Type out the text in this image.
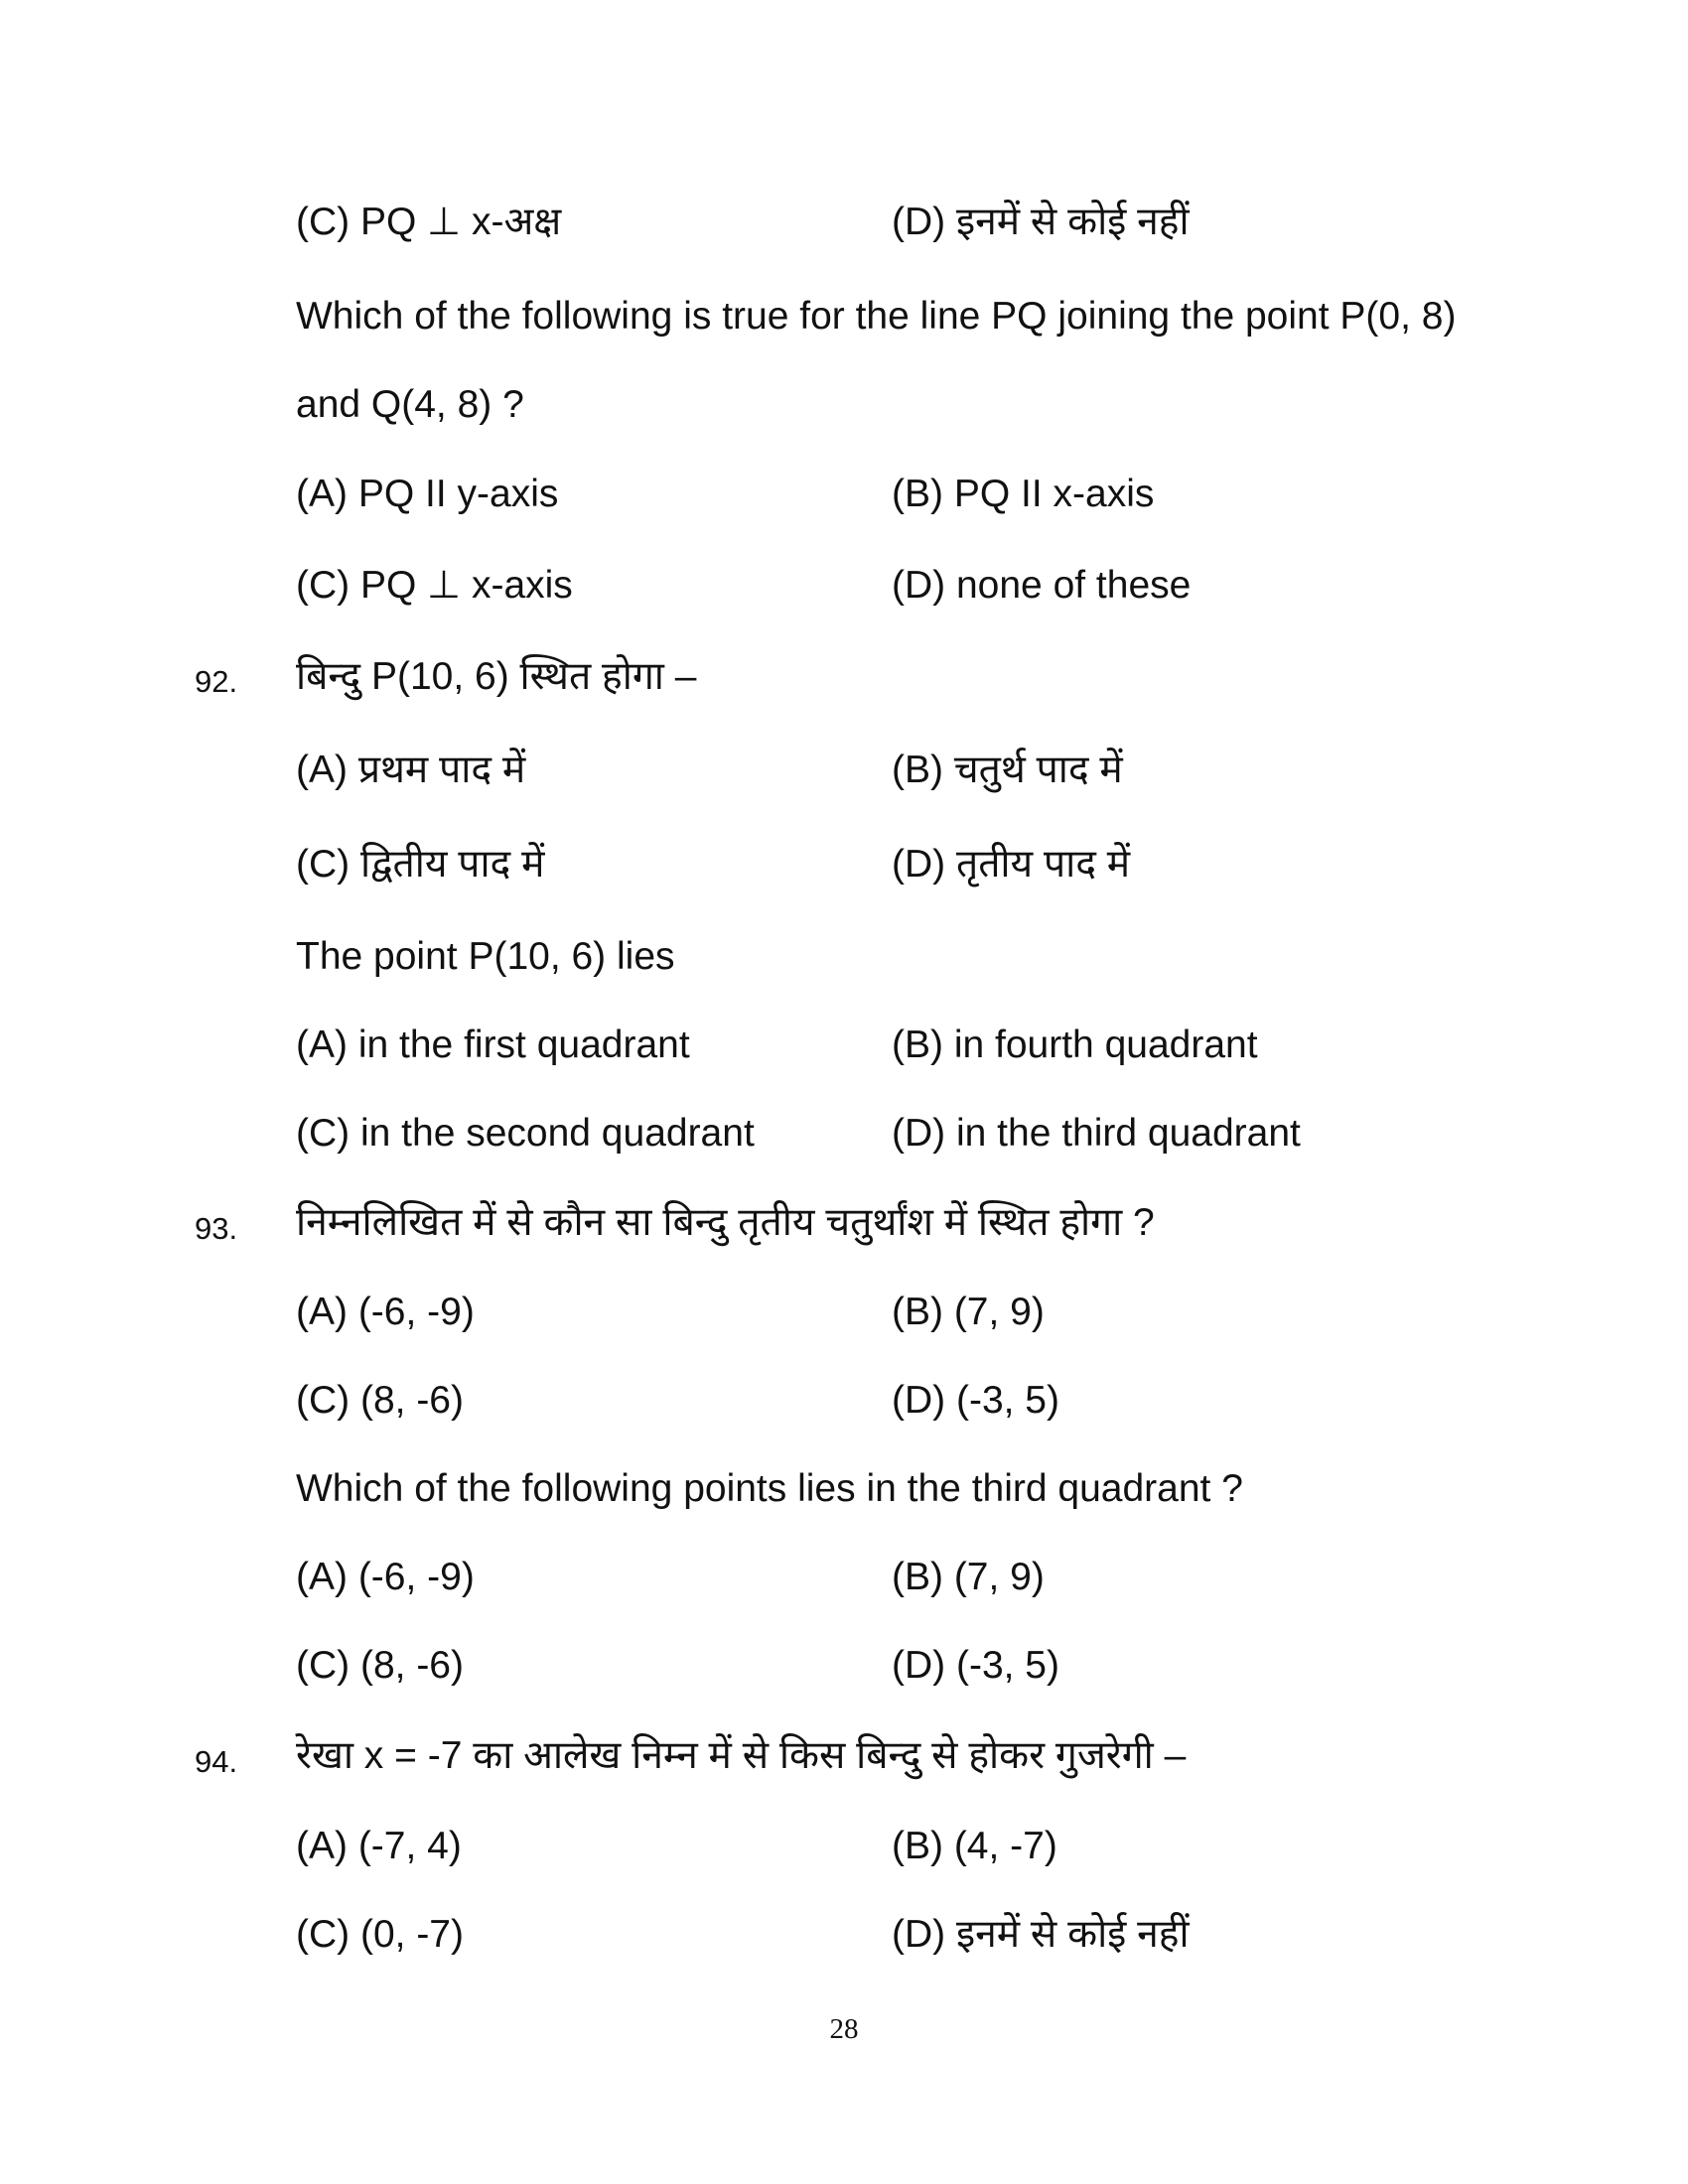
(C) PQ ⊥ x-अक्ष	(D) इनमें से कोई नहीं
Which of the following is true for the line PQ joining the point P(0, 8)
and Q(4, 8) ?
(A) PQ II y-axis	(B) PQ II x-axis
(C) PQ ⊥ x-axis	(D) none of these
92. बिन्दु P(10, 6) स्थित होगा –
(A) प्रथम पाद में	(B) चतुर्थ पाद में
(C) द्वितीय पाद में	(D) तृतीय पाद में
The point P(10, 6) lies
(A) in the first quadrant	(B) in fourth quadrant
(C) in the second quadrant	(D) in the third quadrant
93. निम्नलिखित में से कौन सा बिन्दु तृतीय चतुर्थांश में स्थित होगा ?
(A) (-6, -9)	(B) (7, 9)
(C) (8, -6)	(D) (-3, 5)
Which of the following points lies in the third quadrant ?
(A) (-6, -9)	(B) (7, 9)
(C) (8, -6)	(D) (-3, 5)
94. रेखा x = -7 का आलेख निम्न में से किस बिन्दु से होकर गुजरेगी –
(A) (-7, 4)	(B) (4, -7)
(C) (0, -7)	(D) इनमें से कोई नहीं
28
